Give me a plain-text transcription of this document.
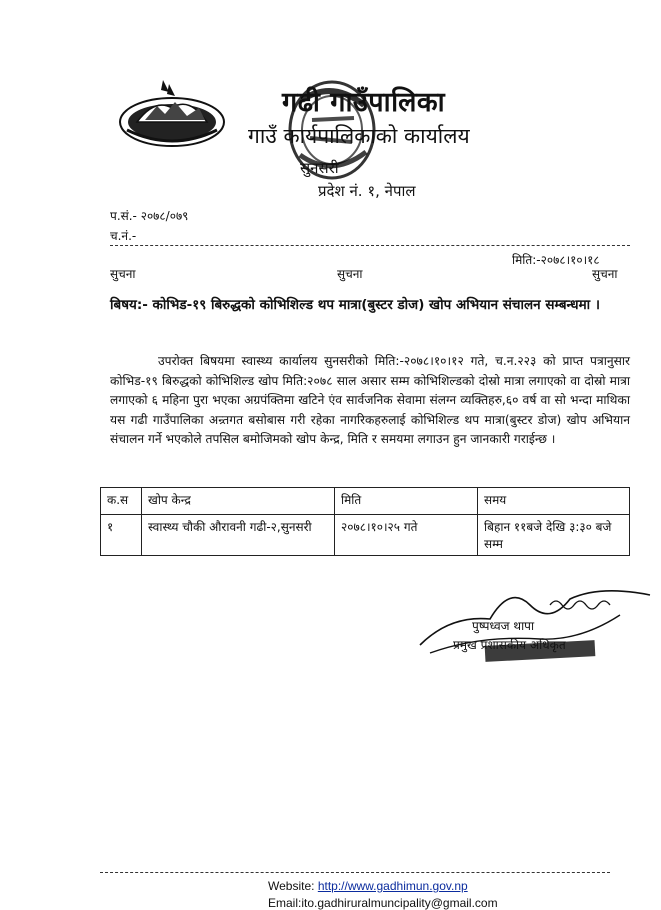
गढी गाउँपालिका
गाउँ कार्यपालिकाको कार्यालय
सुनसरी
प्रदेश नं. १, नेपाल
प.सं.- २०७८/०७९
च.नं.-
मिति:-२०७८।१०।१८
सुचना	सुचना	सुचना
बिषय:- कोभिड-१९ बिरुद्धको कोभिशिल्ड थप मात्रा(बुस्टर डोज) खोप अभियान संचालन सम्बन्धमा ।
उपरोक्त बिषयमा स्वास्थ्य कार्यालय सुनसरीको मिति:-२०७८।१०।१२ गते, च.न.२२३ को प्राप्त पत्रानुसार कोभिड-१९ बिरुद्धको कोभिशिल्ड खोप मिति:२०७८ साल असार सम्म कोभिशिल्डको दोस्रो मात्रा लगाएको वा दोस्रो मात्रा लगाएको ६ महिना पुरा भएका अग्रपंक्तिमा खटिने एंव सार्वजनिक सेवामा संलग्न व्यक्तिहरु,६० वर्ष वा सो भन्दा माथिका यस गढी गाउँपालिका अन्र्तगत बसोबास गरी रहेका नागरिकहरुलाई कोभिशिल्ड थप मात्रा(बुस्टर डोज) खोप अभियान संचालन गर्ने भएकोले तपसिल बमोजिमको खोप केन्द्र, मिति र समयमा लगाउन हुन जानकारी गराईन्छ ।
क.स	खोप केन्द्र	मिति	समय
१	स्वास्थ्य चौकी औरावनी गढी-२,सुनसरी	२०७८।१०।२५ गते	बिहान ११बजे देखि ३:३० बजे सम्म
पुष्पध्वज थापा
प्रमुख प्रशासकीय अधिकृत
Website: http://www.gadhimun.gov.np
Email:ito.gadhiruralmuncipality@gmail.com
